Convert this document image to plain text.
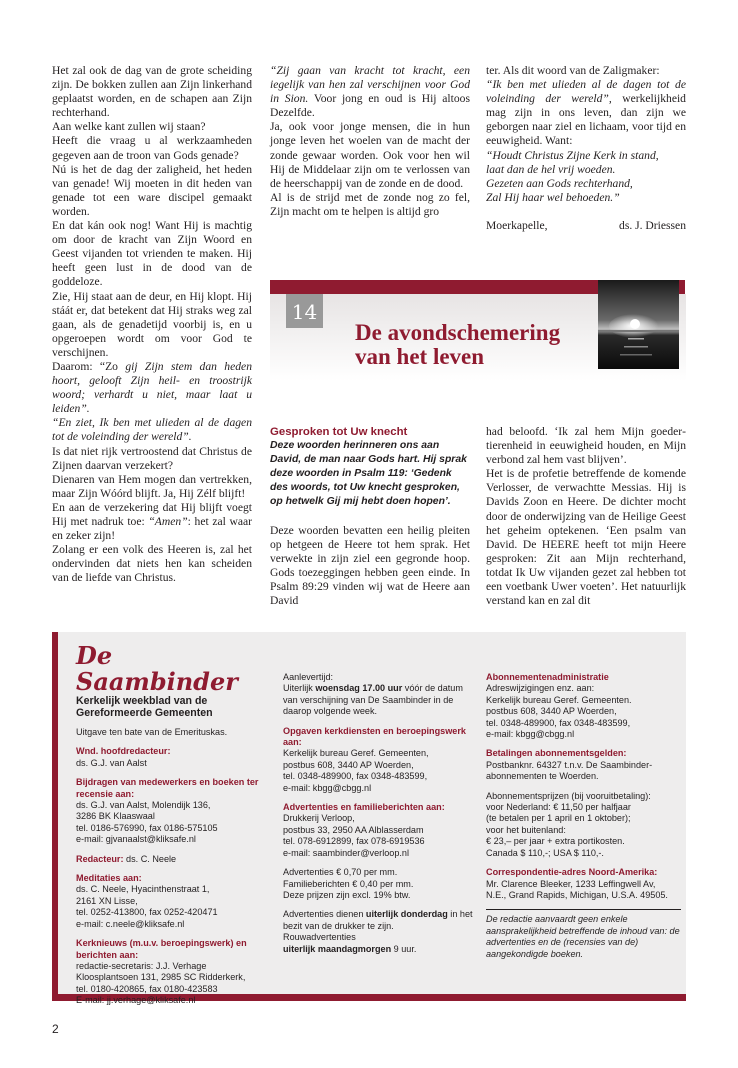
Het zal ook de dag van de grote scheiding zijn. De bokken zullen aan Zijn linkerhand geplaatst worden, en de schapen aan Zijn rechterhand.

Aan welke kant zullen wij staan?

Heeft die vraag u al werkzaamheden gegeven aan de troon van Gods genade?

Nú is het de dag der zaligheid, het heden van genade! Wij moeten in dit heden van genade tot een ware discipel gemaakt worden.

En dat kán ook nog! Want Hij is machtig om door de kracht van Zijn Woord en Geest vijanden tot vrienden te maken. Hij heeft geen lust in de dood van de goddeloze.

Zie, Hij staat aan de deur, en Hij klopt. Hij stáát er, dat betekent dat Hij straks weg zal gaan, als de genadetijd voorbij is, en u opgeroepen wordt om voor God te verschijnen.

Daarom: “Zo gij Zijn stem dan heden hoort, gelooft Zijn heil- en troostrijk woord; verhardt u niet, maar laat u leiden”.

“En ziet, Ik ben met ulieden al de dagen tot de voleinding der wereld”.

Is dat niet rijk vertroostend dat Christus de Zijnen daarvan verzekert?

Dienaren van Hem mogen dan vertrekken, maar Zijn Wóórd blijft. Ja, Hij Zélf blijft!

En aan de verzekering dat Hij blijft voegt Hij met nadruk toe: “Amen”: het zal waar en zeker zijn!

Zolang er een volk des Heeren is, zal het ondervinden dat niets hen kan scheiden van de liefde van Christus.

“Zij gaan van kracht tot kracht, een iegelijk van hen zal verschijnen voor God in Sion. Voor jong en oud is Hij altoos Dezelfde.

Ja, ook voor jonge mensen, die in hun jonge leven het woelen van de macht der zonde gewaar worden. Ook voor hen wil Hij de Middelaar zijn om te verlossen van de heerschappij van de zonde en de dood.

Al is de strijd met de zonde nog zo fel, Zijn macht om te helpen is altijd gro

ter. Als dit woord van de Zaligmaker:

“Ik ben met ulieden al de dagen tot de voleinding der wereld”, werkelijkheid mag zijn in ons leven, dan zijn we geborgen naar ziel en lichaam, voor tijd en eeuwigheid. Want:

“Houdt Christus Zijne Kerk in stand,

laat dan de hel vrij woeden.

Gezeten aan Gods rechterhand,

Zal Hij haar wel behoeden.”

Moerkapelle,	ds. J. Driessen

14
De avondschemering
van het leven

Gesproken tot Uw knecht

Deze woorden herinneren ons aan David, de man naar Gods hart. Hij sprak deze woorden in Psalm 119: ‘Gedenk des woords, tot Uw knecht gesproken, op hetwelk Gij mij hebt doen hopen’.

Deze woorden bevatten een heilig pleiten op hetgeen de Heere tot hem sprak. Het verwekte in zijn ziel een gegronde hoop. Gods toezeggingen hebben geen einde. In Psalm 89:29 vinden wij wat de Heere aan David

had beloofd. ‘Ik zal hem Mijn goedertierenheid in eeuwigheid houden, en Mijn verbond zal hem vast blijven’.

Het is de profetie betreffende de komende Verlosser, de verwachtte Messias. Hij is Davids Zoon en Heere. De dichter mocht door de onderwijzing van de Heilige Geest het geheim optekenen. ‘Een psalm van David. De HEERE heeft tot mijn Heere gesproken: Zit aan Mijn rechterhand, totdat Ik Uw vijanden gezet zal hebben tot een voetbank Uwer voeten’. Het natuurlijk verstand kan en zal dit

De Saambinder

Kerkelijk weekblad van de Gereformeerde Gemeenten

Uitgave ten bate van de Emerituskas.

Wnd. hoofdredacteur:

ds. G.J. van Aalst

Bijdragen van medewerkers en boeken ter recensie aan:

ds. G.J. van Aalst, Molendijk 136,

3286 BK Klaaswaal

tel. 0186-576990, fax 0186-575105

e-mail: gjvanaalst@kliksafe.nl

Redacteur: ds. C. Neele

Meditaties aan:

ds. C. Neele, Hyacinthenstraat 1,

2161 XN Lisse,

tel. 0252-413800, fax 0252-420471

e-mail: c.neele@kliksafe.nl

Kerknieuws (m.u.v. beroepingswerk) en berichten aan:

redactie-secretaris: J.J. Verhage

Kloosplantsoen 131, 2985 SC Ridderkerk,

tel. 0180-420865, fax 0180-423583

E-mail: jj.verhage@kliksafe.nl

Aanlevertijd:

Uiterlijk woensdag 17.00 uur vóór de datum van verschijning van De Saambinder in de daarop volgende week.

Opgaven kerkdiensten en beroepingswerk aan:

Kerkelijk bureau Geref. Gemeenten,

postbus 608, 3440 AP Woerden,

tel. 0348-489900, fax 0348-483599,

e-mail: kbgg@cbgg.nl

Advertenties en familieberichten aan:

Drukkerij Verloop,

postbus 33, 2950 AA Alblasserdam

tel. 078-6912899, fax 078-6919536

e-mail: saambinder@verloop.nl

Advertenties € 0,70 per mm.

Familieberichten € 0,40 per mm.

Deze prijzen zijn excl. 19% btw.

Advertenties dienen uiterlijk donderdag in het bezit van de drukker te zijn.

Rouwadvertenties

uiterlijk maandagmorgen 9 uur.

Abonnementenadministratie

Adreswijzigingen enz. aan:

Kerkelijk bureau Geref. Gemeenten.

postbus 608, 3440 AP Woerden,

tel. 0348-489900, fax 0348-483599,

e-mail: kbgg@cbgg.nl

Betalingen abonnementsgelden:

Postbanknr. 64327 t.n.v. De Saambinder-abonnementen te Woerden.

Abonnementsprijzen (bij vooruitbetaling):

voor Nederland: € 11,50 per halfjaar

(te betalen per 1 april en 1 oktober);

voor het buitenland:

€ 23,– per jaar + extra portikosten.

Canada $ 110,-; USA $ 110,-.

Correspondentie-adres Noord-Amerika:

Mr. Clarence Bleeker, 1233 Leffingwell Av,

N.E., Grand Rapids, Michigan, U.S.A. 49505.

De redactie aanvaardt geen enkele aansprakelijkheid betreffende de inhoud van: de advertenties en de (recensies van de) aangekondigde boeken.

2
